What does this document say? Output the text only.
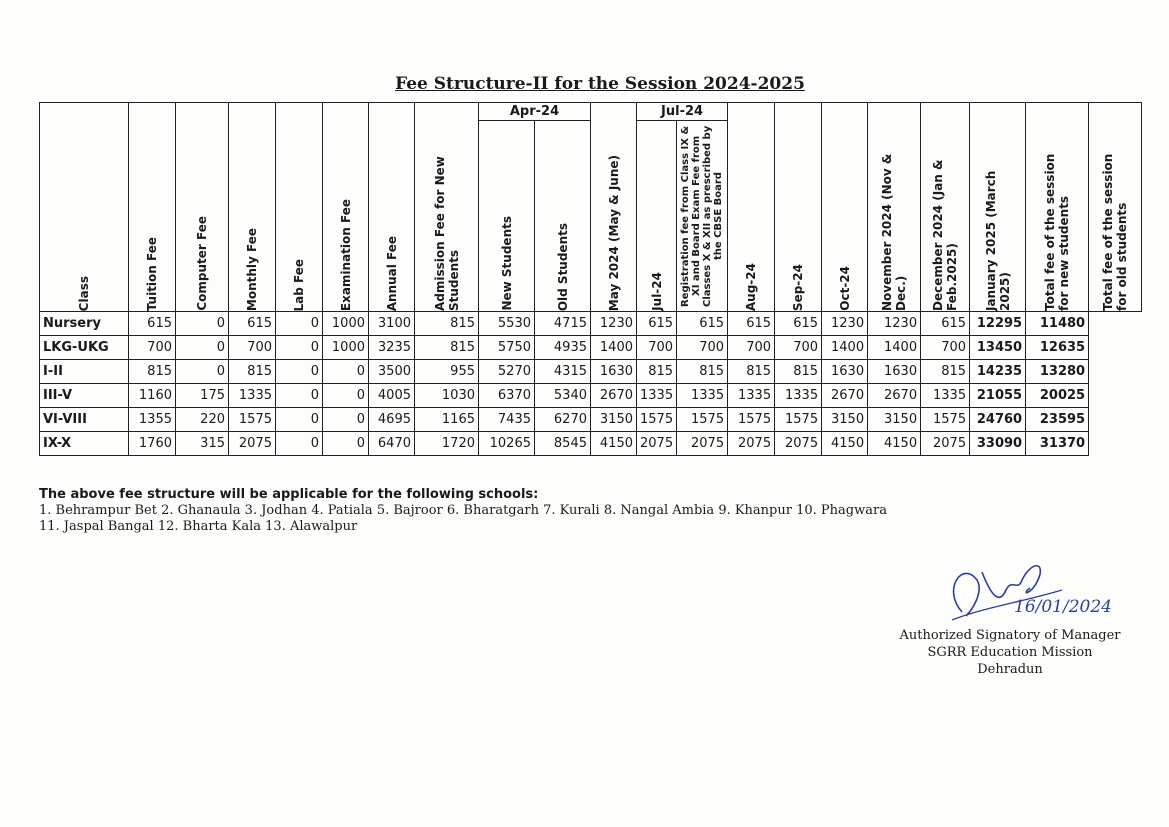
Fee Structure-II for the Session 2024-2025
Class	Tuition Fee	Computer Fee	Monthly Fee	Lab Fee	Examination Fee	Annual Fee	Admission Fee for New Students	Apr-24		May 2024 (May & June)	Jul-24		Aug-24	Sep-24	Oct-24	November 2024 (Nov & Dec.)	December 2024 (Jan & Feb.2025)	January 2025 (March 2025)	Total fee of the session for new students	Total fee of the session for old students

								New Students	Old Students		Jul-24	Registration fee from Class IX & XI and Board Exam Fee from Classes X & XII as prescribed by the CBSE Board								

Nursery	615	0	615	0	1000	3100	815	5530	4715	1230	615	615	615	615	1230	1230	615	12295	11480	
LKG-UKG	700	0	700	0	1000	3235	815	5750	4935	1400	700	700	700	700	1400	1400	700	13450	12635	
I-II	815	0	815	0	0	3500	955	5270	4315	1630	815	815	815	815	1630	1630	815	14235	13280	
III-V	1160	175	1335	0	0	4005	1030	6370	5340	2670	1335	1335	1335	1335	2670	2670	1335	21055	20025	
VI-VIII	1355	220	1575	0	0	4695	1165	7435	6270	3150	1575	1575	1575	1575	3150	3150	1575	24760	23595	
IX-X	1760	315	2075	0	0	6470	1720	10265	8545	4150	2075	2075	2075	2075	4150	4150	2075	33090	31370	
The above fee structure will be applicable for the following schools:
1. Behrampur Bet 2. Ghanaula 3. Jodhan 4. Patiala 5. Bajroor 6. Bharatgarh 7. Kurali 8. Nangal Ambia 9. Khanpur 10. Phagwara
11. Jaspal Bangal 12. Bharta Kala 13. Alawalpur
16/01/2024
Authorized Signatory of Manager
SGRR Education Mission
Dehradun
